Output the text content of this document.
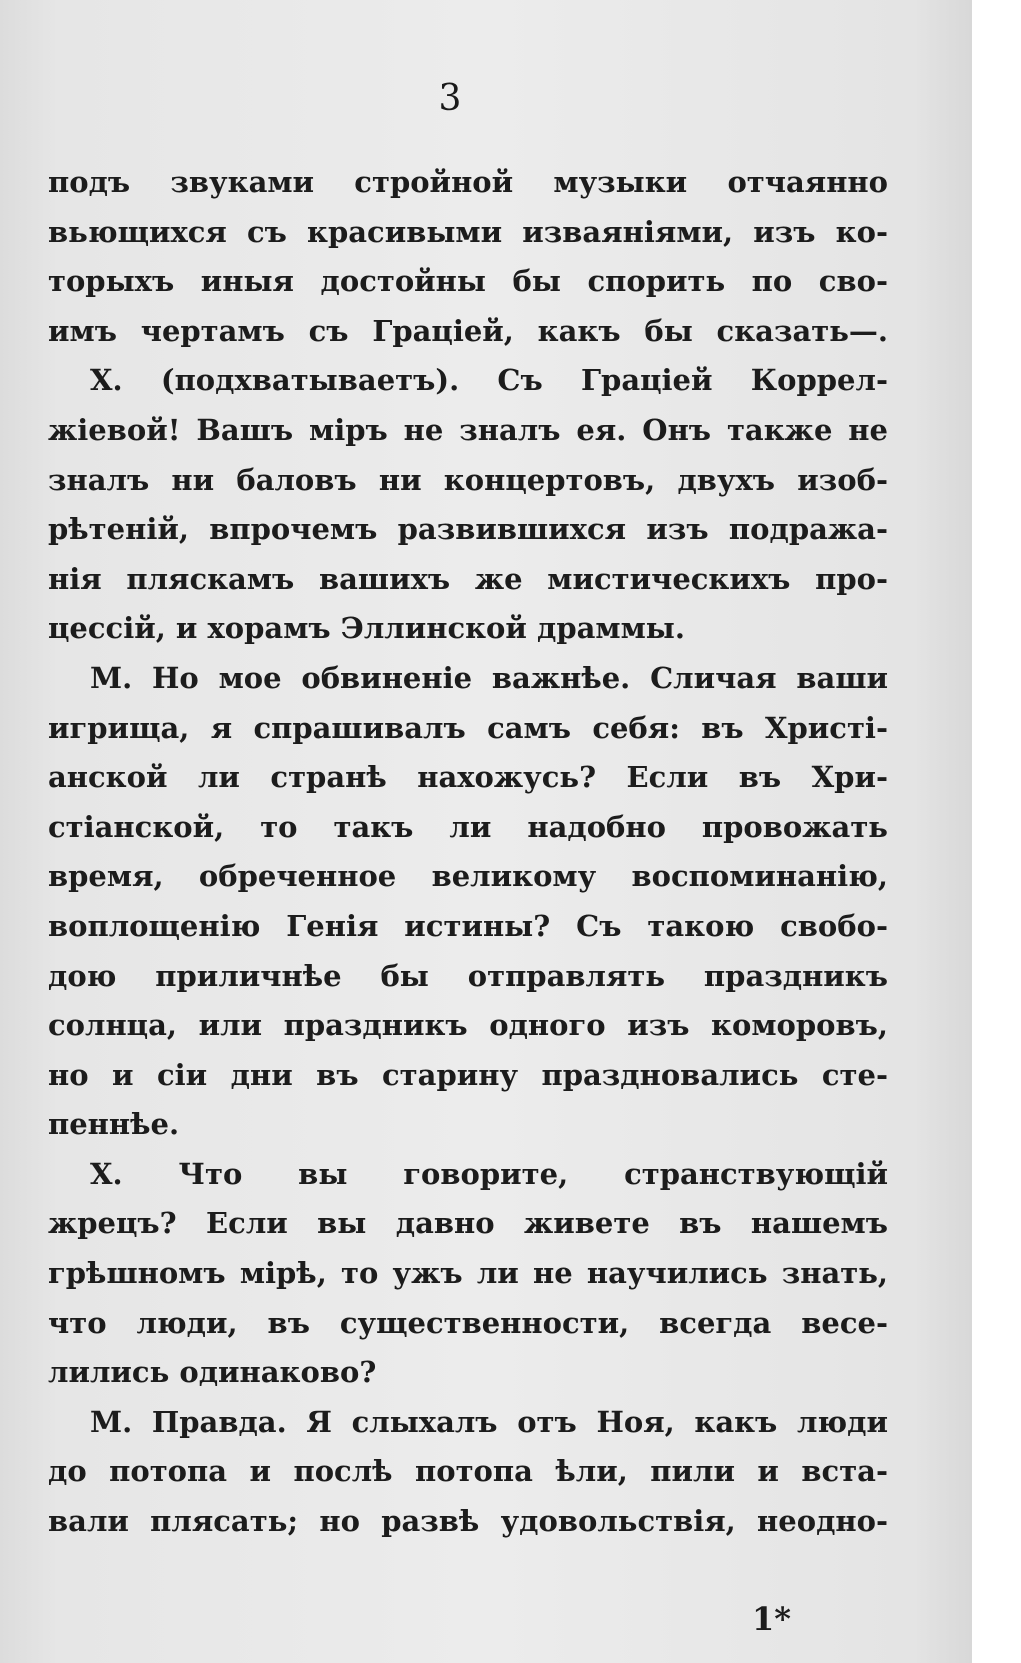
3
подъ звуками стройной музыки отчаянно
вьющихся съ красивыми изваяніями, изъ ко-
торыхъ иныя достойны бы спорить по сво-
имъ чертамъ съ Граціей, какъ бы сказать—.
Х. (подхватываетъ). Съ Граціей Коррел-
жіевой! Вашъ міръ не зналъ ея. Онъ также не
зналъ ни баловъ ни концертовъ, двухъ изоб-
рѣтеній, впрочемъ развившихся изъ подража-
нія пляскамъ вашихъ же мистическихъ про-
цессій, и хорамъ Эллинской драммы.
М. Но мое обвиненіе важнѣе. Сличая ваши
игрища, я спрашивалъ самъ себя: въ Христі-
анской ли странѣ нахожусь? Если въ Хри-
стіанской, то такъ ли надобно провожать
время, обреченное великому воспоминанію,
воплощенію Генія истины? Съ такою свобо-
дою приличнѣе бы отправлять праздникъ
солнца, или праздникъ одного изъ коморовъ,
но и сіи дни въ старину праздновались сте-
пеннѣе.
Х. Что вы говорите, странствующій
жрецъ? Если вы давно живете въ нашемъ
грѣшномъ мірѣ, то ужъ ли не научились знать,
что люди, въ существенности, всегда весе-
лились одинаково?
М. Правда. Я слыхалъ отъ Ноя, какъ люди
до потопа и послѣ потопа ѣли, пили и вста-
вали плясать; но развѣ удовольствія, неодно-
1*
